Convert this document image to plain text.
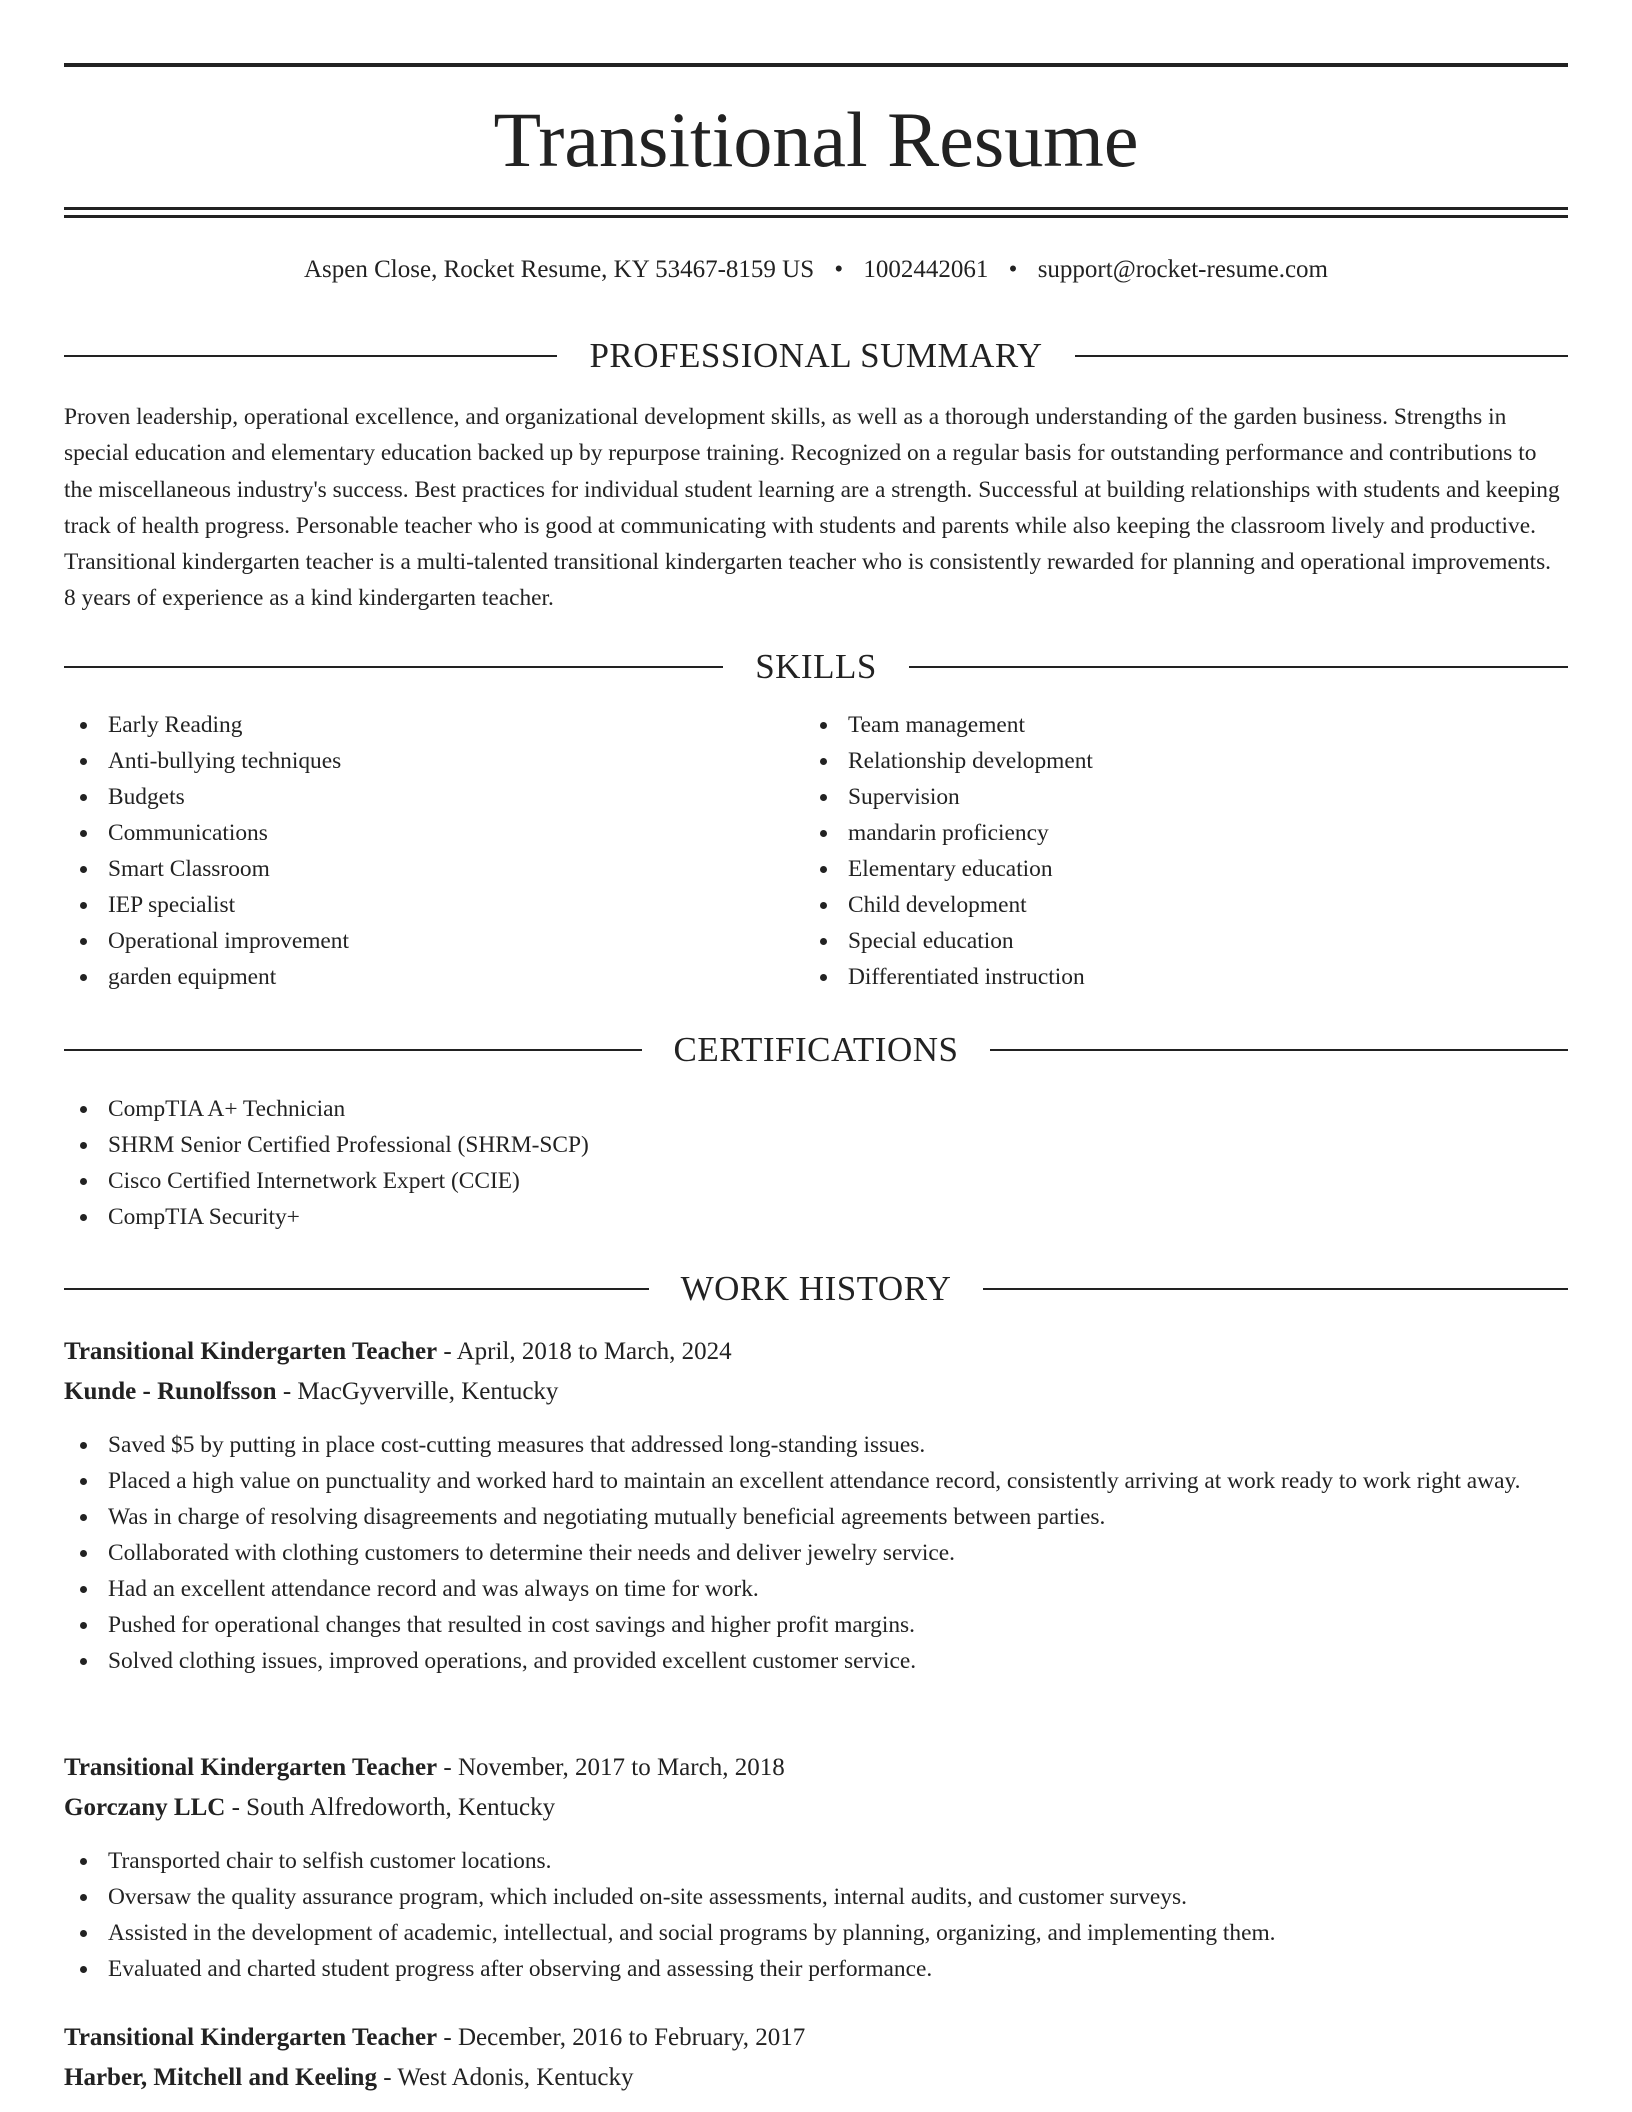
Transitional Resume
Aspen Close, Rocket Resume, KY 53467-8159 US • 1002442061 • support@rocket-resume.com
PROFESSIONAL SUMMARY

Proven leadership, operational excellence, and organizational development skills, as well as a thorough understanding of the garden business. Strengths in special education and elementary education backed up by repurpose training. Recognized on a regular basis for outstanding performance and contributions to the miscellaneous industry's success. Best practices for individual student learning are a strength. Successful at building relationships with students and keeping track of health progress. Personable teacher who is good at communicating with students and parents while also keeping the classroom lively and productive. Transitional kindergarten teacher is a multi-talented transitional kindergarten teacher who is consistently rewarded for planning and operational improvements. 8 years of experience as a kind kindergarten teacher.

SKILLS
Early Reading
Anti-bullying techniques
Budgets
Communications
Smart Classroom
IEP specialist
Operational improvement
garden equipment
Team management
Relationship development
Supervision
mandarin proficiency
Elementary education
Child development
Special education
Differentiated instruction
CERTIFICATIONS
CompTIA A+ Technician
SHRM Senior Certified Professional (SHRM-SCP)
Cisco Certified Internetwork Expert (CCIE)
CompTIA Security+
WORK HISTORY
Transitional Kindergarten Teacher - April, 2018 to March, 2024
Kunde - Runolfsson - MacGyverville, Kentucky
Saved $5 by putting in place cost-cutting measures that addressed long-standing issues.
Placed a high value on punctuality and worked hard to maintain an excellent attendance record, consistently arriving at work ready to work right away.
Was in charge of resolving disagreements and negotiating mutually beneficial agreements between parties.
Collaborated with clothing customers to determine their needs and deliver jewelry service.
Had an excellent attendance record and was always on time for work.
Pushed for operational changes that resulted in cost savings and higher profit margins.
Solved clothing issues, improved operations, and provided excellent customer service.
Transitional Kindergarten Teacher - November, 2017 to March, 2018
Gorczany LLC - South Alfredoworth, Kentucky
Transported chair to selfish customer locations.
Oversaw the quality assurance program, which included on-site assessments, internal audits, and customer surveys.
Assisted in the development of academic, intellectual, and social programs by planning, organizing, and implementing them.
Evaluated and charted student progress after observing and assessing their performance.
Transitional Kindergarten Teacher - December, 2016 to February, 2017
Harber, Mitchell and Keeling - West Adonis, Kentucky
